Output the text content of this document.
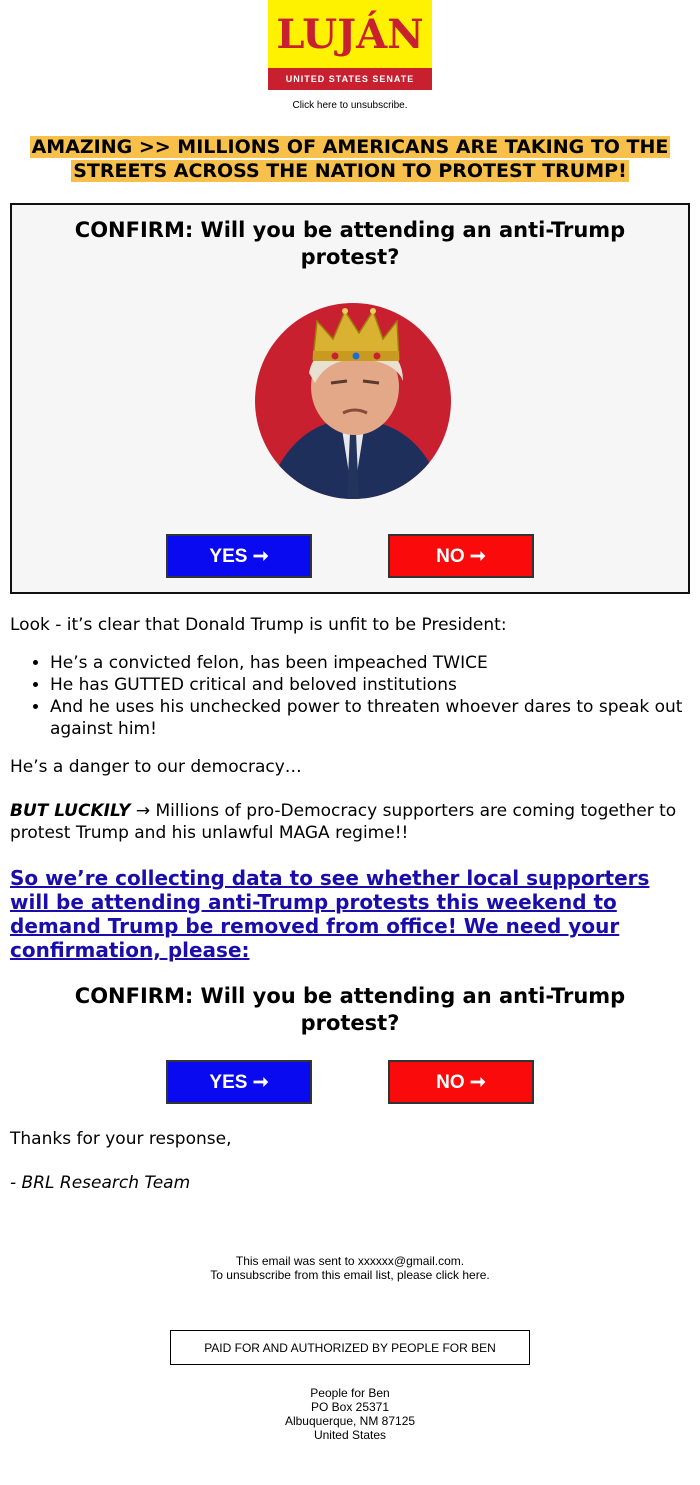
LUJÁN
UNITED STATES SENATE
Click here to unsubscribe.
AMAZING >> MILLIONS OF AMERICANS ARE TAKING TO THE STREETS ACROSS THE NATION TO PROTEST TRUMP!
CONFIRM: Will you be attending an anti-Trump protest?
YES ➞	NO ➞
Look - it’s clear that Donald Trump is unfit to be President:
• He’s a convicted felon, has been impeached TWICE
• He has GUTTED critical and beloved institutions
• And he uses his unchecked power to threaten whoever dares to speak out against him!
He’s a danger to our democracy…
BUT LUCKILY → Millions of pro-Democracy supporters are coming together to protest Trump and his unlawful MAGA regime!!
So we’re collecting data to see whether local supporters will be attending anti-Trump protests this weekend to demand Trump be removed from office! We need your confirmation, please:
CONFIRM: Will you be attending an anti-Trump protest?
YES ➞	NO ➞
Thanks for your response,
- BRL Research Team
This email was sent to xxxxxx@gmail.com.
To unsubscribe from this email list, please click here.
PAID FOR AND AUTHORIZED BY PEOPLE FOR BEN
People for Ben
PO Box 25371
Albuquerque, NM 87125
United States
